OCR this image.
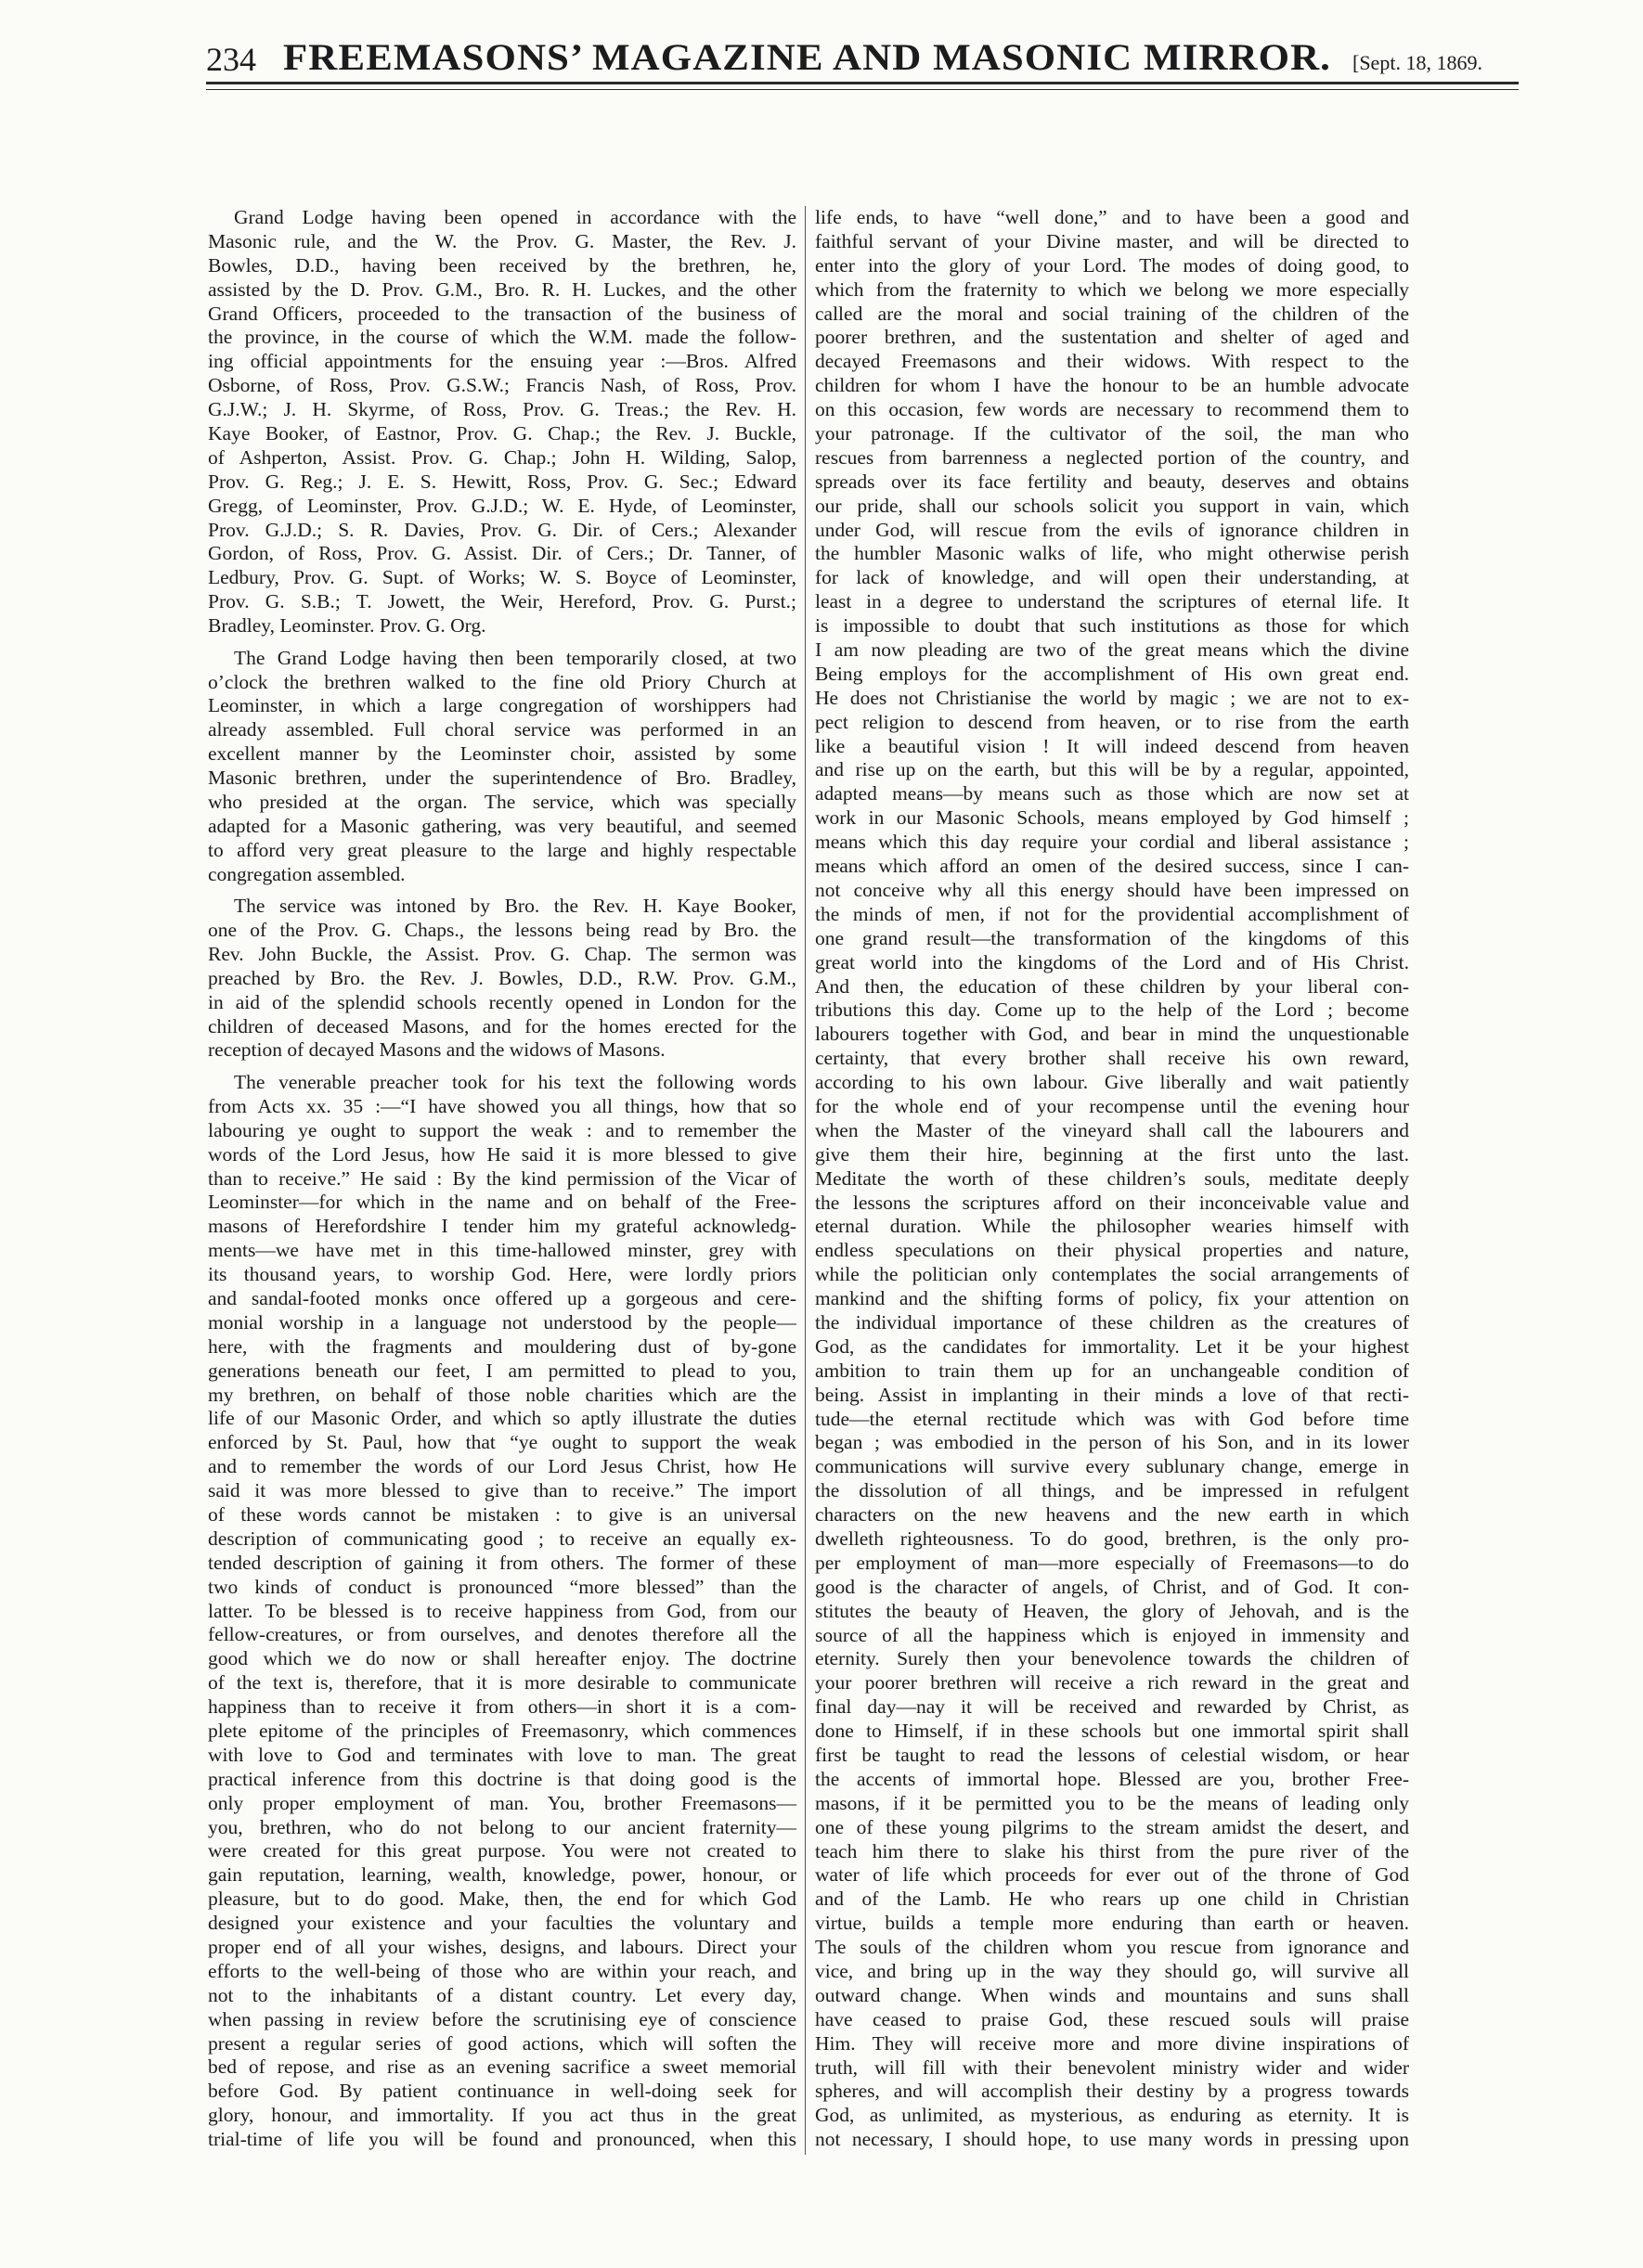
234 FREEMASONS’ MAGAZINE AND MASONIC MIRROR. [Sept. 18, 1869.
Grand Lodge having been opened in accordance with the
Masonic rule, and the W. the Prov. G. Master, the Rev. J.
Bowles, D.D., having been received by the brethren, he,
assisted by the D. Prov. G.M., Bro. R. H. Luckes, and the other
Grand Officers, proceeded to the transaction of the business of
the province, in the course of which the W.M. made the follow-
ing official appointments for the ensuing year :—Bros. Alfred
Osborne, of Ross, Prov. G.S.W.; Francis Nash, of Ross, Prov.
G.J.W.; J. H. Skyrme, of Ross, Prov. G. Treas.; the Rev. H.
Kaye Booker, of Eastnor, Prov. G. Chap.; the Rev. J. Buckle,
of Ashperton, Assist. Prov. G. Chap.; John H. Wilding, Salop,
Prov. G. Reg.; J. E. S. Hewitt, Ross, Prov. G. Sec.; Edward
Gregg, of Leominster, Prov. G.J.D.; W. E. Hyde, of Leominster,
Prov. G.J.D.; S. R. Davies, Prov. G. Dir. of Cers.; Alexander
Gordon, of Ross, Prov. G. Assist. Dir. of Cers.; Dr. Tanner, of
Ledbury, Prov. G. Supt. of Works; W. S. Boyce of Leominster,
Prov. G. S.B.; T. Jowett, the Weir, Hereford, Prov. G. Purst.;
Bradley, Leominster. Prov. G. Org.
The Grand Lodge having then been temporarily closed, at two
o’clock the brethren walked to the fine old Priory Church at
Leominster, in which a large congregation of worshippers had
already assembled. Full choral service was performed in an
excellent manner by the Leominster choir, assisted by some
Masonic brethren, under the superintendence of Bro. Bradley,
who presided at the organ. The service, which was specially
adapted for a Masonic gathering, was very beautiful, and seemed
to afford very great pleasure to the large and highly respectable
congregation assembled.
The service was intoned by Bro. the Rev. H. Kaye Booker,
one of the Prov. G. Chaps., the lessons being read by Bro. the
Rev. John Buckle, the Assist. Prov. G. Chap. The sermon was
preached by Bro. the Rev. J. Bowles, D.D., R.W. Prov. G.M.,
in aid of the splendid schools recently opened in London for the
children of deceased Masons, and for the homes erected for the
reception of decayed Masons and the widows of Masons.
The venerable preacher took for his text the following words
from Acts xx. 35 :—“I have showed you all things, how that so
labouring ye ought to support the weak : and to remember the
words of the Lord Jesus, how He said it is more blessed to give
than to receive.” He said : By the kind permission of the Vicar of
Leominster—for which in the name and on behalf of the Free-
masons of Herefordshire I tender him my grateful acknowledg-
ments—we have met in this time-hallowed minster, grey with
its thousand years, to worship God. Here, were lordly priors
and sandal-footed monks once offered up a gorgeous and cere-
monial worship in a language not understood by the people—
here, with the fragments and mouldering dust of by-gone
generations beneath our feet, I am permitted to plead to you,
my brethren, on behalf of those noble charities which are the
life of our Masonic Order, and which so aptly illustrate the duties
enforced by St. Paul, how that “ye ought to support the weak
and to remember the words of our Lord Jesus Christ, how He
said it was more blessed to give than to receive.” The import
of these words cannot be mistaken : to give is an universal
description of communicating good ; to receive an equally ex-
tended description of gaining it from others. The former of these
two kinds of conduct is pronounced “more blessed” than the
latter. To be blessed is to receive happiness from God, from our
fellow-creatures, or from ourselves, and denotes therefore all the
good which we do now or shall hereafter enjoy. The doctrine
of the text is, therefore, that it is more desirable to communicate
happiness than to receive it from others—in short it is a com-
plete epitome of the principles of Freemasonry, which commences
with love to God and terminates with love to man. The great
practical inference from this doctrine is that doing good is the
only proper employment of man. You, brother Freemasons—
you, brethren, who do not belong to our ancient fraternity—
were created for this great purpose. You were not created to
gain reputation, learning, wealth, knowledge, power, honour, or
pleasure, but to do good. Make, then, the end for which God
designed your existence and your faculties the voluntary and
proper end of all your wishes, designs, and labours. Direct your
efforts to the well-being of those who are within your reach, and
not to the inhabitants of a distant country. Let every day,
when passing in review before the scrutinising eye of conscience
present a regular series of good actions, which will soften the
bed of repose, and rise as an evening sacrifice a sweet memorial
before God. By patient continuance in well-doing seek for
glory, honour, and immortality. If you act thus in the great
trial-time of life you will be found and pronounced, when this
life ends, to have “well done,” and to have been a good and
faithful servant of your Divine master, and will be directed to
enter into the glory of your Lord. The modes of doing good, to
which from the fraternity to which we belong we more especially
called are the moral and social training of the children of the
poorer brethren, and the sustentation and shelter of aged and
decayed Freemasons and their widows. With respect to the
children for whom I have the honour to be an humble advocate
on this occasion, few words are necessary to recommend them to
your patronage. If the cultivator of the soil, the man who
rescues from barrenness a neglected portion of the country, and
spreads over its face fertility and beauty, deserves and obtains
our pride, shall our schools solicit you support in vain, which
under God, will rescue from the evils of ignorance children in
the humbler Masonic walks of life, who might otherwise perish
for lack of knowledge, and will open their understanding, at
least in a degree to understand the scriptures of eternal life. It
is impossible to doubt that such institutions as those for which
I am now pleading are two of the great means which the divine
Being employs for the accomplishment of His own great end.
He does not Christianise the world by magic ; we are not to ex-
pect religion to descend from heaven, or to rise from the earth
like a beautiful vision ! It will indeed descend from heaven
and rise up on the earth, but this will be by a regular, appointed,
adapted means—by means such as those which are now set at
work in our Masonic Schools, means employed by God himself ;
means which this day require your cordial and liberal assistance ;
means which afford an omen of the desired success, since I can-
not conceive why all this energy should have been impressed on
the minds of men, if not for the providential accomplishment of
one grand result—the transformation of the kingdoms of this
great world into the kingdoms of the Lord and of His Christ.
And then, the education of these children by your liberal con-
tributions this day. Come up to the help of the Lord ; become
labourers together with God, and bear in mind the unquestionable
certainty, that every brother shall receive his own reward,
according to his own labour. Give liberally and wait patiently
for the whole end of your recompense until the evening hour
when the Master of the vineyard shall call the labourers and
give them their hire, beginning at the first unto the last.
Meditate the worth of these children’s souls, meditate deeply
the lessons the scriptures afford on their inconceivable value and
eternal duration. While the philosopher wearies himself with
endless speculations on their physical properties and nature,
while the politician only contemplates the social arrangements of
mankind and the shifting forms of policy, fix your attention on
the individual importance of these children as the creatures of
God, as the candidates for immortality. Let it be your highest
ambition to train them up for an unchangeable condition of
being. Assist in implanting in their minds a love of that recti-
tude—the eternal rectitude which was with God before time
began ; was embodied in the person of his Son, and in its lower
communications will survive every sublunary change, emerge in
the dissolution of all things, and be impressed in refulgent
characters on the new heavens and the new earth in which
dwelleth righteousness. To do good, brethren, is the only pro-
per employment of man—more especially of Freemasons—to do
good is the character of angels, of Christ, and of God. It con-
stitutes the beauty of Heaven, the glory of Jehovah, and is the
source of all the happiness which is enjoyed in immensity and
eternity. Surely then your benevolence towards the children of
your poorer brethren will receive a rich reward in the great and
final day—nay it will be received and rewarded by Christ, as
done to Himself, if in these schools but one immortal spirit shall
first be taught to read the lessons of celestial wisdom, or hear
the accents of immortal hope. Blessed are you, brother Free-
masons, if it be permitted you to be the means of leading only
one of these young pilgrims to the stream amidst the desert, and
teach him there to slake his thirst from the pure river of the
water of life which proceeds for ever out of the throne of God
and of the Lamb. He who rears up one child in Christian
virtue, builds a temple more enduring than earth or heaven.
The souls of the children whom you rescue from ignorance and
vice, and bring up in the way they should go, will survive all
outward change. When winds and mountains and suns shall
have ceased to praise God, these rescued souls will praise
Him. They will receive more and more divine inspirations of
truth, will fill with their benevolent ministry wider and wider
spheres, and will accomplish their destiny by a progress towards
God, as unlimited, as mysterious, as enduring as eternity. It is
not necessary, I should hope, to use many words in pressing upon
